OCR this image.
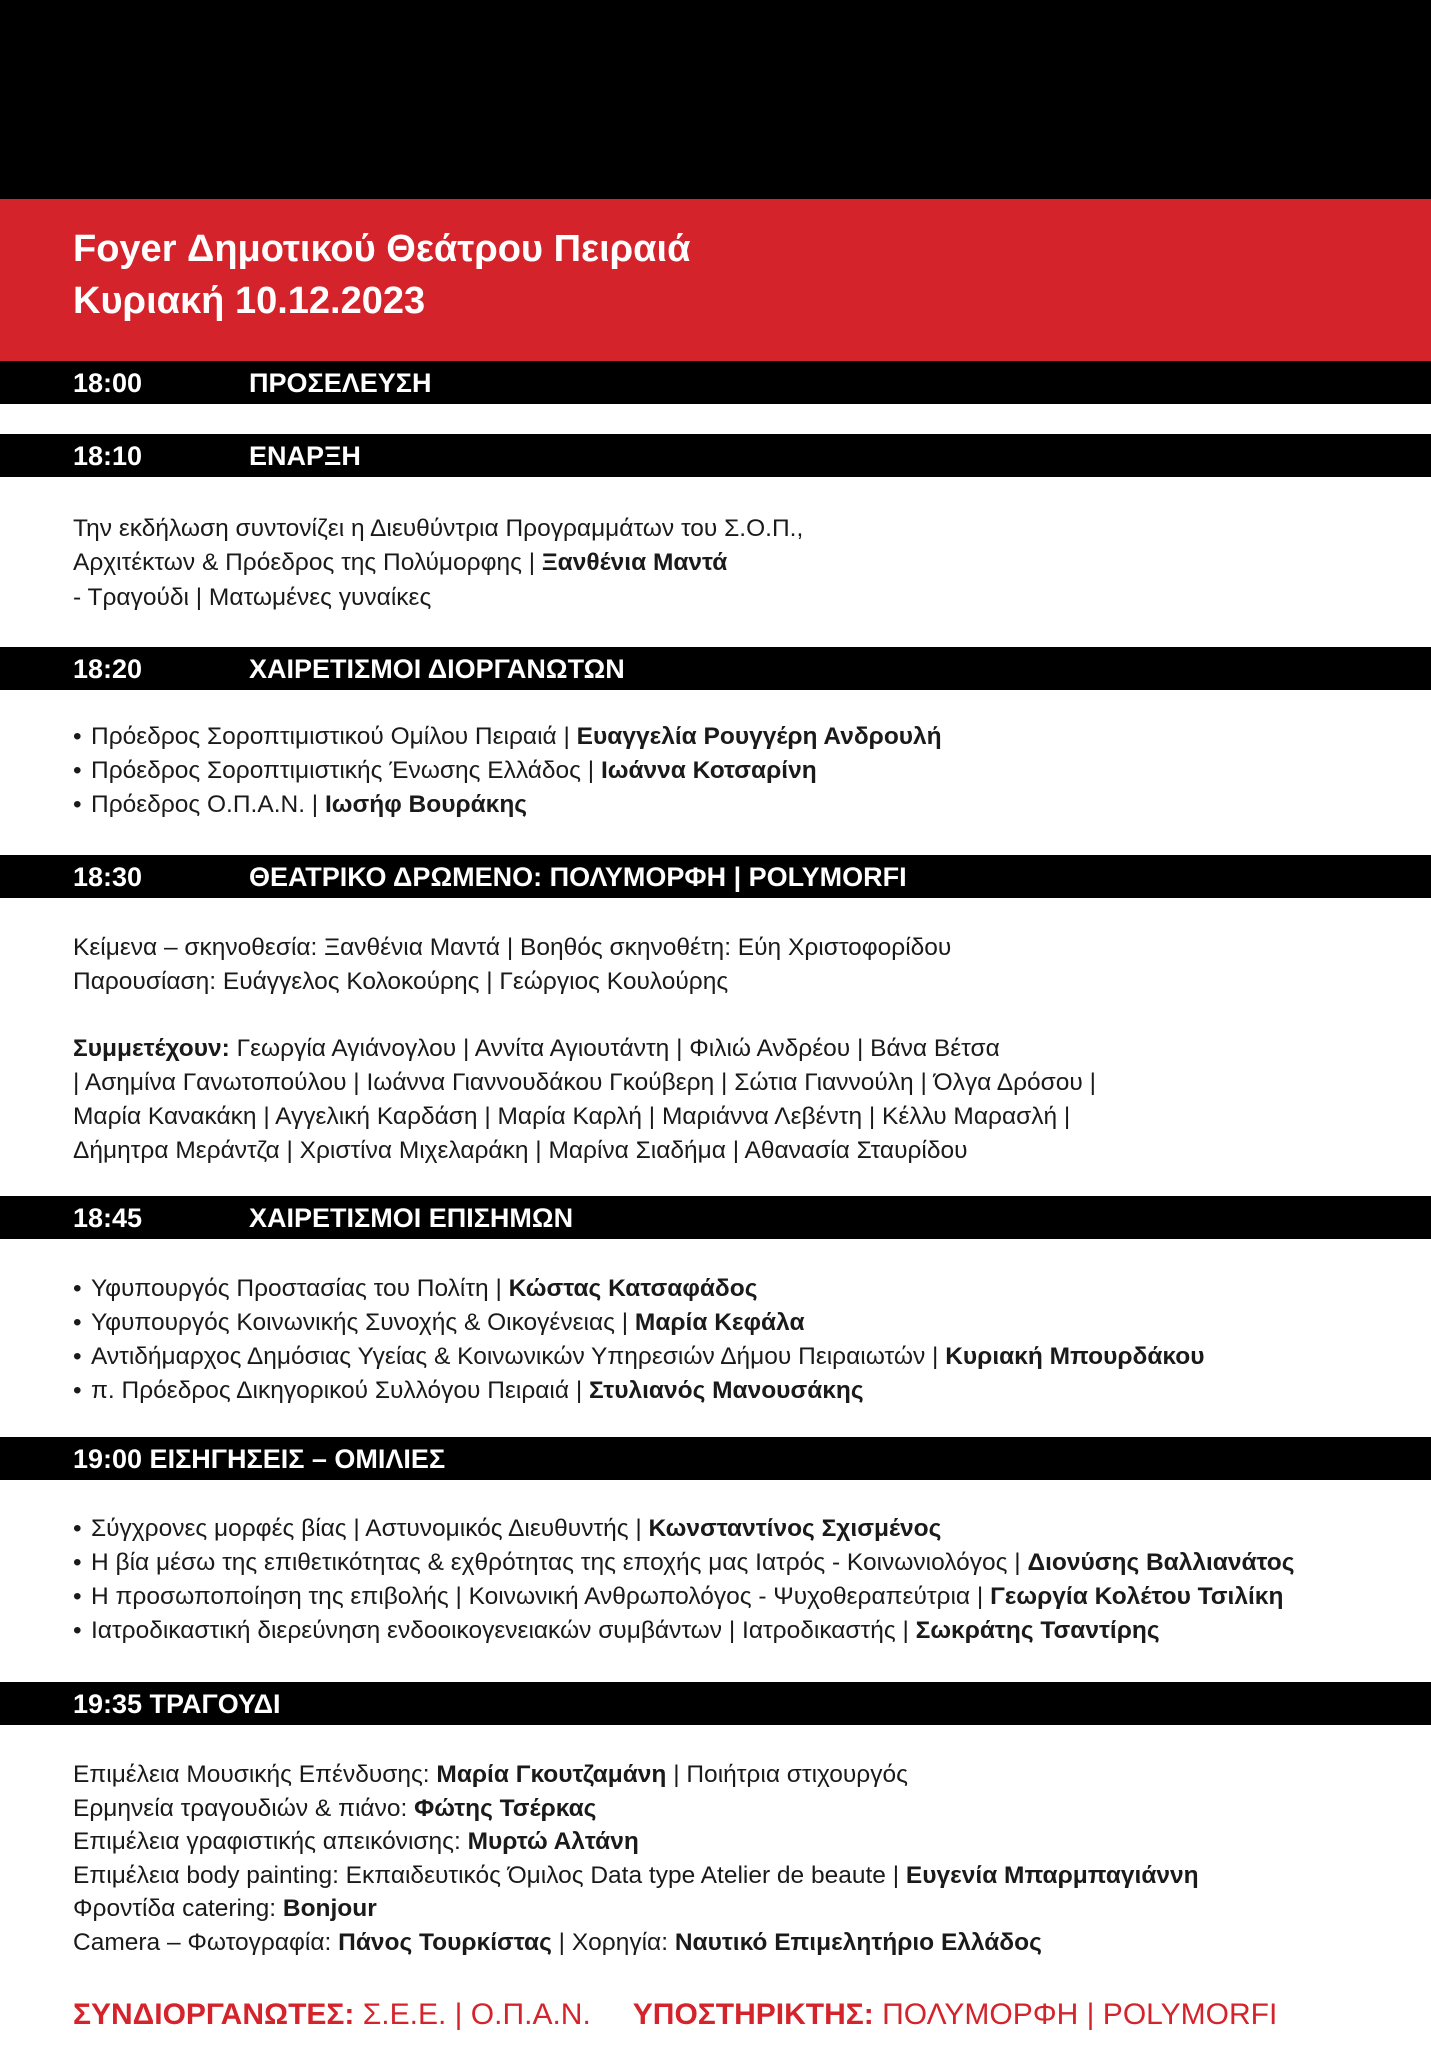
Foyer Δημοτικού Θεάτρου Πειραιά
Κυριακή 10.12.2023
18:00	ΠΡΟΣΕΛΕΥΣΗ
18:10	ΕΝΑΡΞΗ
Την εκδήλωση συντονίζει η Διευθύντρια Προγραμμάτων του Σ.Ο.Π.,
Αρχιτέκτων & Πρόεδρος της Πολύμορφης | Ξανθένια Μαντά
- Τραγούδι | Ματωμένες γυναίκες
18:20	ΧΑΙΡΕΤΙΣΜΟΙ ΔΙΟΡΓΑΝΩΤΩΝ
• Πρόεδρος Σοροπτιμιστικού Ομίλου Πειραιά | Ευαγγελία Ρουγγέρη Ανδρουλή
• Πρόεδρος Σοροπτιμιστικής Ένωσης Ελλάδος | Ιωάννα Κοτσαρίνη
• Πρόεδρος Ο.Π.Α.Ν. | Ιωσήφ Βουράκης
18:30	ΘΕΑΤΡΙΚΟ ΔΡΩΜΕΝΟ: ΠΟΛΥΜΟΡΦΗ | POLYMORFI
Κείμενα – σκηνοθεσία: Ξανθένια Μαντά | Βοηθός σκηνοθέτη: Εύη Χριστοφορίδου
Παρουσίαση: Ευάγγελος Κολοκούρης | Γεώργιος Κουλούρης
Συμμετέχουν: Γεωργία Αγιάνογλου | Αννίτα Αγιουτάντη | Φιλιώ Ανδρέου | Βάνα Βέτσα
| Ασημίνα Γανωτοπούλου | Ιωάννα Γιαννουδάκου Γκούβερη | Σώτια Γιαννούλη | Όλγα Δρόσου |
Μαρία Κανακάκη | Αγγελική Καρδάση | Μαρία Καρλή | Μαριάννα Λεβέντη | Κέλλυ Μαρασλή |
Δήμητρα Μεράντζα | Χριστίνα Μιχελαράκη | Μαρίνα Σιαδήμα | Αθανασία Σταυρίδου
18:45	ΧΑΙΡΕΤΙΣΜΟΙ ΕΠΙΣΗΜΩΝ
• Υφυπουργός Προστασίας του Πολίτη | Κώστας Κατσαφάδος
• Υφυπουργός Κοινωνικής Συνοχής & Οικογένειας | Μαρία Κεφάλα
• Αντιδήμαρχος Δημόσιας Υγείας & Κοινωνικών Υπηρεσιών Δήμου Πειραιωτών | Κυριακή Μπουρδάκου
• π. Πρόεδρος Δικηγορικού Συλλόγου Πειραιά | Στυλιανός Μανουσάκης
19:00 ΕΙΣΗΓΗΣΕΙΣ – ΟΜΙΛΙΕΣ
• Σύγχρονες μορφές βίας | Αστυνομικός Διευθυντής | Κωνσταντίνος Σχισμένος
• Η βία μέσω της επιθετικότητας & εχθρότητας της εποχής μας Ιατρός - Κοινωνιολόγος | Διονύσης Βαλλιανάτος
• Η προσωποποίηση της επιβολής | Κοινωνική Ανθρωπολόγος - Ψυχοθεραπεύτρια | Γεωργία Κολέτου Τσιλίκη
• Ιατροδικαστική διερεύνηση ενδοοικογενειακών συμβάντων | Ιατροδικαστής | Σωκράτης Τσαντίρης
19:35 ΤΡΑΓΟΥΔΙ
Επιμέλεια Μουσικής Επένδυσης: Μαρία Γκουτζαμάνη | Ποιήτρια στιχουργός
Ερμηνεία τραγουδιών & πιάνο: Φώτης Τσέρκας
Επιμέλεια γραφιστικής απεικόνισης: Μυρτώ Αλτάνη
Επιμέλεια body painting: Εκπαιδευτικός Όμιλος Data type Atelier de beaute | Ευγενία Μπαρμπαγιάννη
Φροντίδα catering: Bonjour
Camera – Φωτογραφία: Πάνος Τουρκίστας | Χορηγία: Ναυτικό Επιμελητήριο Ελλάδος
ΣΥΝΔΙΟΡΓΑΝΩΤΕΣ: Σ.Ε.Ε. | Ο.Π.Α.Ν. ΥΠΟΣΤΗΡΙΚΤΗΣ: ΠΟΛΥΜΟΡΦΗ | POLYMORFI
